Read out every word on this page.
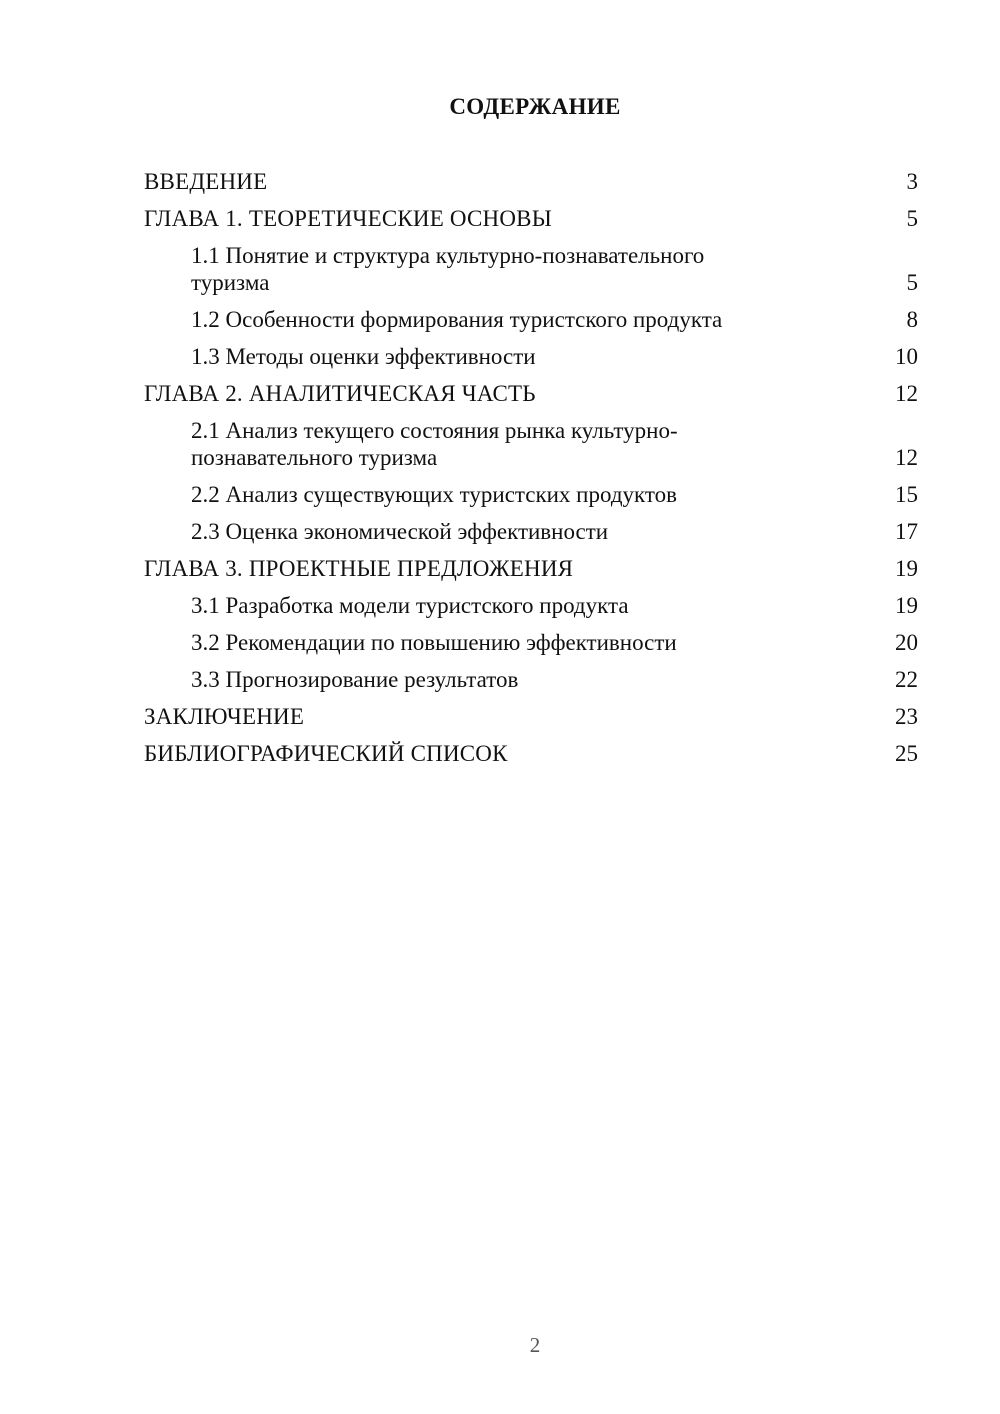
СОДЕРЖАНИЕ
ВВЕДЕНИЕ	3
ГЛАВА 1. ТЕОРЕТИЧЕСКИЕ ОСНОВЫ	5
1.1 Понятие и структура культурно-познавательного туризма	5
1.2 Особенности формирования туристского продукта	8
1.3 Методы оценки эффективности	10
ГЛАВА 2. АНАЛИТИЧЕСКАЯ ЧАСТЬ	12
2.1 Анализ текущего состояния рынка культурно-познавательного туризма	12
2.2 Анализ существующих туристских продуктов	15
2.3 Оценка экономической эффективности	17
ГЛАВА 3. ПРОЕКТНЫЕ ПРЕДЛОЖЕНИЯ	19
3.1 Разработка модели туристского продукта	19
3.2 Рекомендации по повышению эффективности	20
3.3 Прогнозирование результатов	22
ЗАКЛЮЧЕНИЕ	23
БИБЛИОГРАФИЧЕСКИЙ СПИСОК	25
2
